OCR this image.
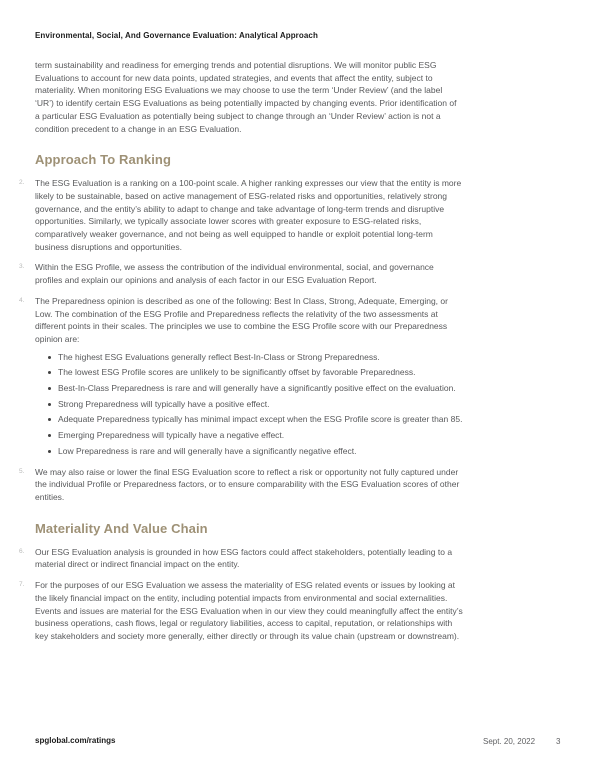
Environmental, Social, And Governance Evaluation: Analytical Approach

term sustainability and readiness for emerging trends and potential disruptions. We will monitor public ESG Evaluations to account for new data points, updated strategies, and events that affect the entity, subject to materiality. When monitoring ESG Evaluations we may choose to use the term ‘Under Review’ (and the label ‘UR’) to identify certain ESG Evaluations as being potentially impacted by changing events. Prior identification of a particular ESG Evaluation as potentially being subject to change through an ‘Under Review’ action is not a condition precedent to a change in an ESG Evaluation.

Approach To Ranking
2. The ESG Evaluation is a ranking on a 100-point scale. A higher ranking expresses our view that the entity is more likely to be sustainable, based on active management of ESG-related risks and opportunities, relatively strong governance, and the entity’s ability to adapt to change and take advantage of long-term trends and disruptive opportunities. Similarly, we typically associate lower scores with greater exposure to ESG-related risks, comparatively weaker governance, and not being as well equipped to handle or exploit potential long-term business disruptions and opportunities.
3. Within the ESG Profile, we assess the contribution of the individual environmental, social, and governance profiles and explain our opinions and analysis of each factor in our ESG Evaluation Report.
4. The Preparedness opinion is described as one of the following: Best In Class, Strong, Adequate, Emerging, or Low. The combination of the ESG Profile and Preparedness reflects the relativity of the two assessments at different points in their scales. The principles we use to combine the ESG Profile score with our Preparedness opinion are:
The highest ESG Evaluations generally reflect Best-In-Class or Strong Preparedness.
The lowest ESG Profile scores are unlikely to be significantly offset by favorable Preparedness.
Best-In-Class Preparedness is rare and will generally have a significantly positive effect on the evaluation.
Strong Preparedness will typically have a positive effect.
Adequate Preparedness typically has minimal impact except when the ESG Profile score is greater than 85.
Emerging Preparedness will typically have a negative effect.
Low Preparedness is rare and will generally have a significantly negative effect.
5. We may also raise or lower the final ESG Evaluation score to reflect a risk or opportunity not fully captured under the individual Profile or Preparedness factors, or to ensure comparability with the ESG Evaluation scores of other entities.
Materiality And Value Chain
6. Our ESG Evaluation analysis is grounded in how ESG factors could affect stakeholders, potentially leading to a material direct or indirect financial impact on the entity.
7. For the purposes of our ESG Evaluation we assess the materiality of ESG related events or issues by looking at the likely financial impact on the entity, including potential impacts from environmental and social externalities. Events and issues are material for the ESG Evaluation when in our view they could meaningfully affect the entity’s business operations, cash flows, legal or regulatory liabilities, access to capital, reputation, or relationships with key stakeholders and society more generally, either directly or through its value chain (upstream or downstream).
spglobal.com/ratings	Sept. 20, 2022	3
